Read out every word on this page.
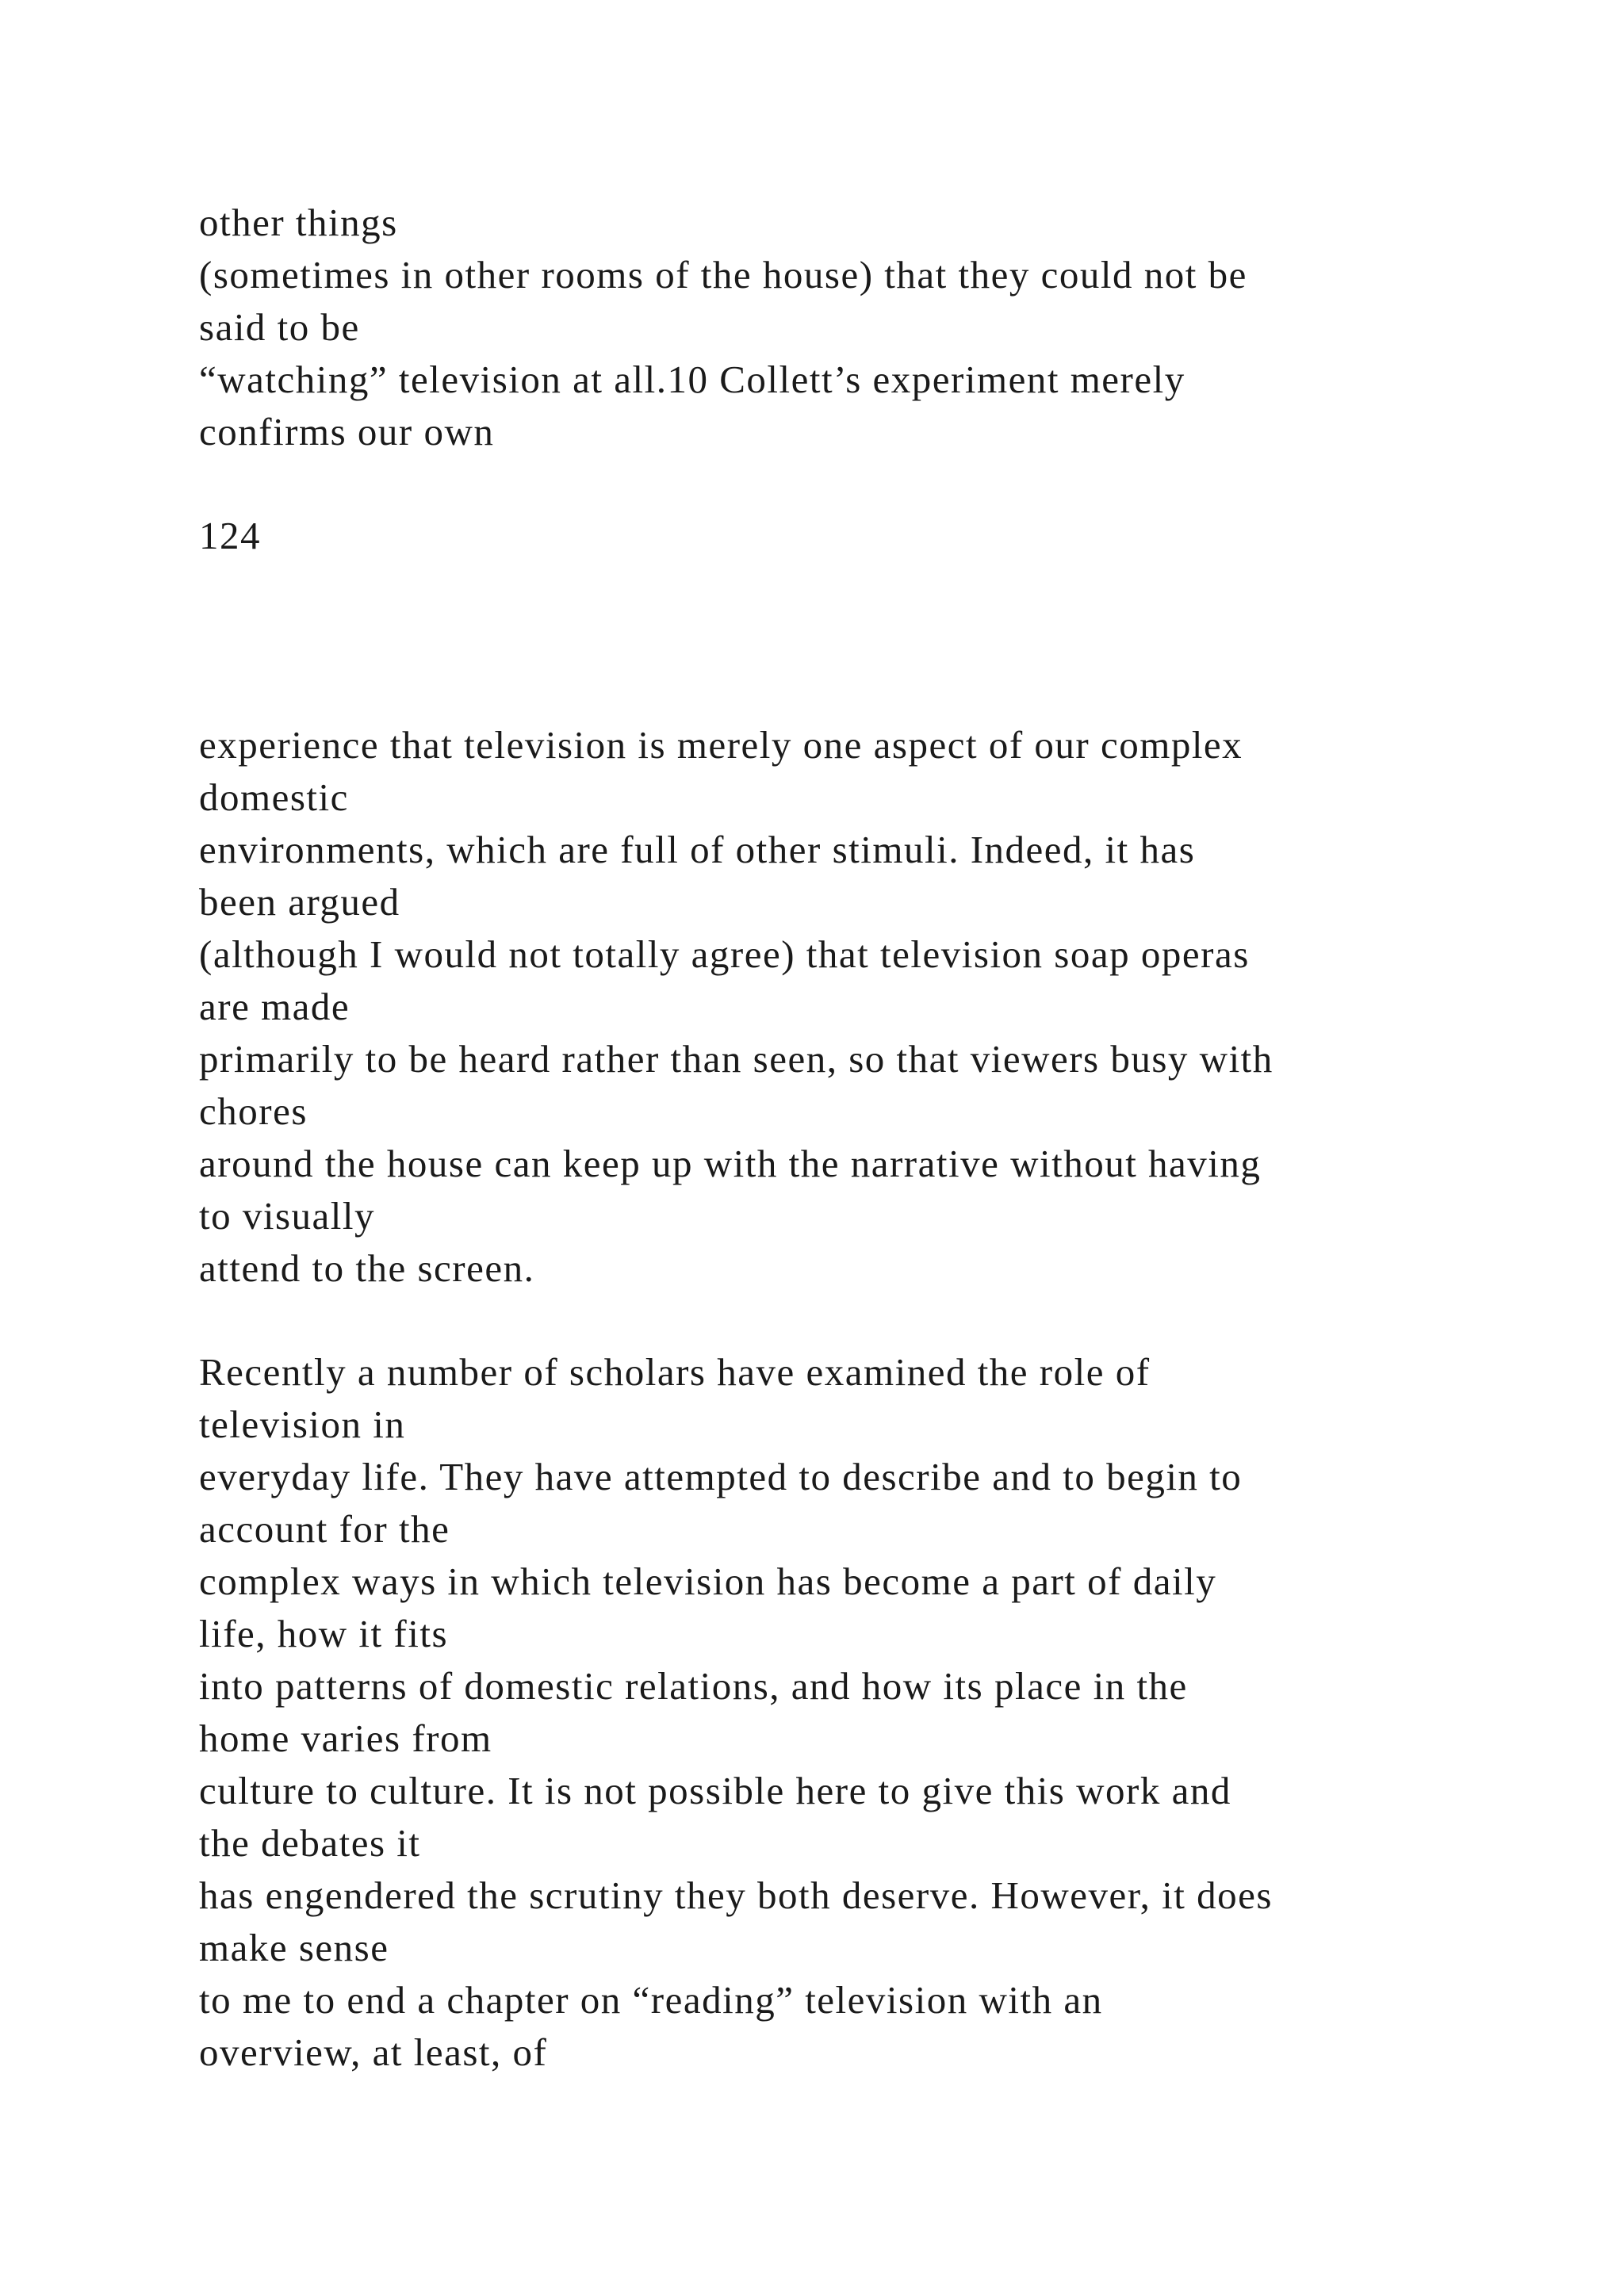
other things
(sometimes in other rooms of the house) that they could not be
said to be
“watching” television at all.10 Collett’s experiment merely
confirms our own
124
experience that television is merely one aspect of our complex
domestic
environments, which are full of other stimuli. Indeed, it has
been argued
(although I would not totally agree) that television soap operas
are made
primarily to be heard rather than seen, so that viewers busy with
chores
around the house can keep up with the narrative without having
to visually
attend to the screen.
Recently a number of scholars have examined the role of
television in
everyday life. They have attempted to describe and to begin to
account for the
complex ways in which television has become a part of daily
life, how it fits
into patterns of domestic relations, and how its place in the
home varies from
culture to culture. It is not possible here to give this work and
the debates it
has engendered the scrutiny they both deserve. However, it does
make sense
to me to end a chapter on “reading” television with an
overview, at least, of
